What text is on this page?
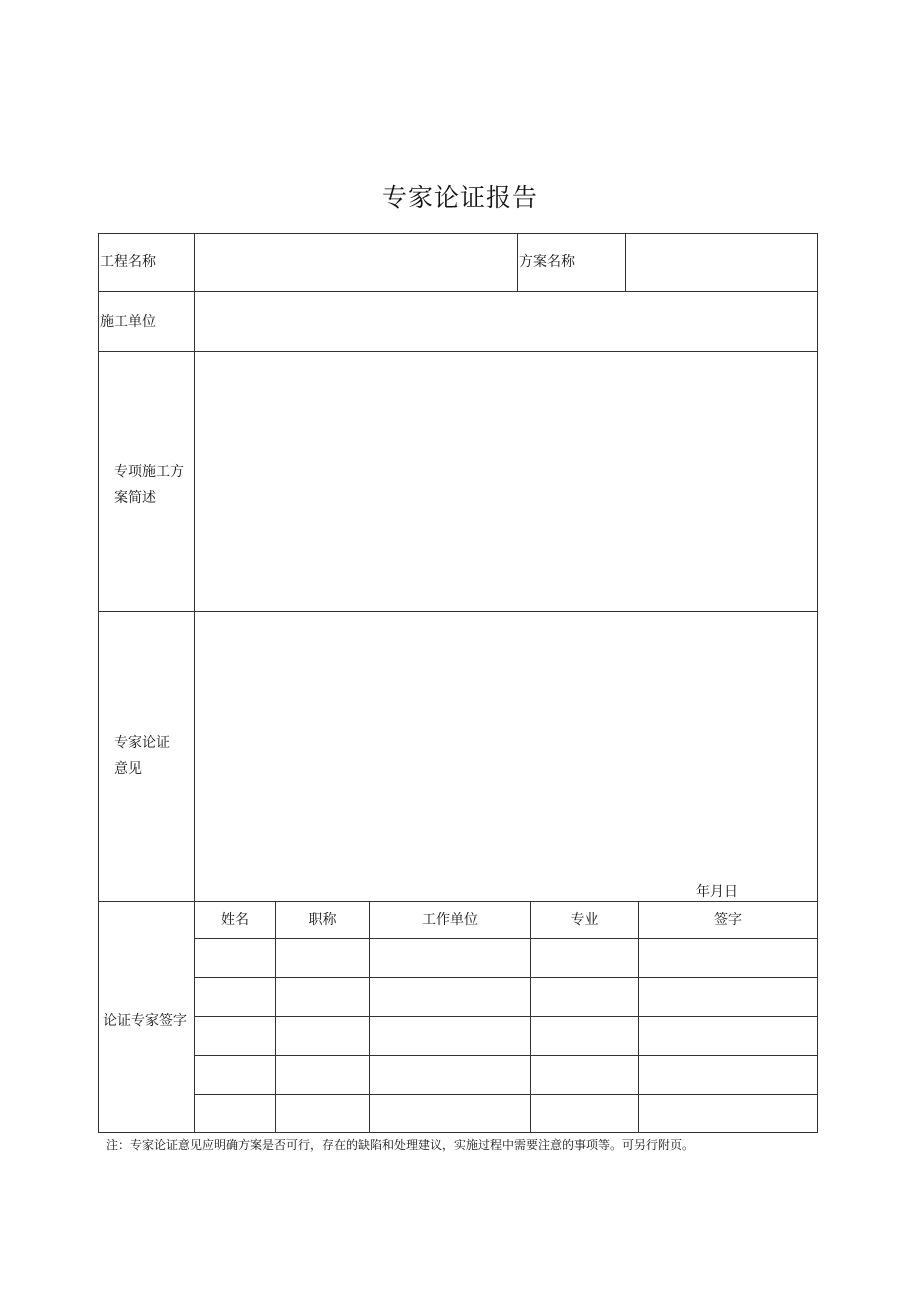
专家论证报告
工程名称	方案名称
施工单位
专项施工方案简述
专家论证意见
年月日
论证专家签字
姓名	职称	工作单位	专业	签字
注：专家论证意见应明确方案是否可行，存在的缺陷和处理建议，实施过程中需要注意的事项等。可另行附页。
